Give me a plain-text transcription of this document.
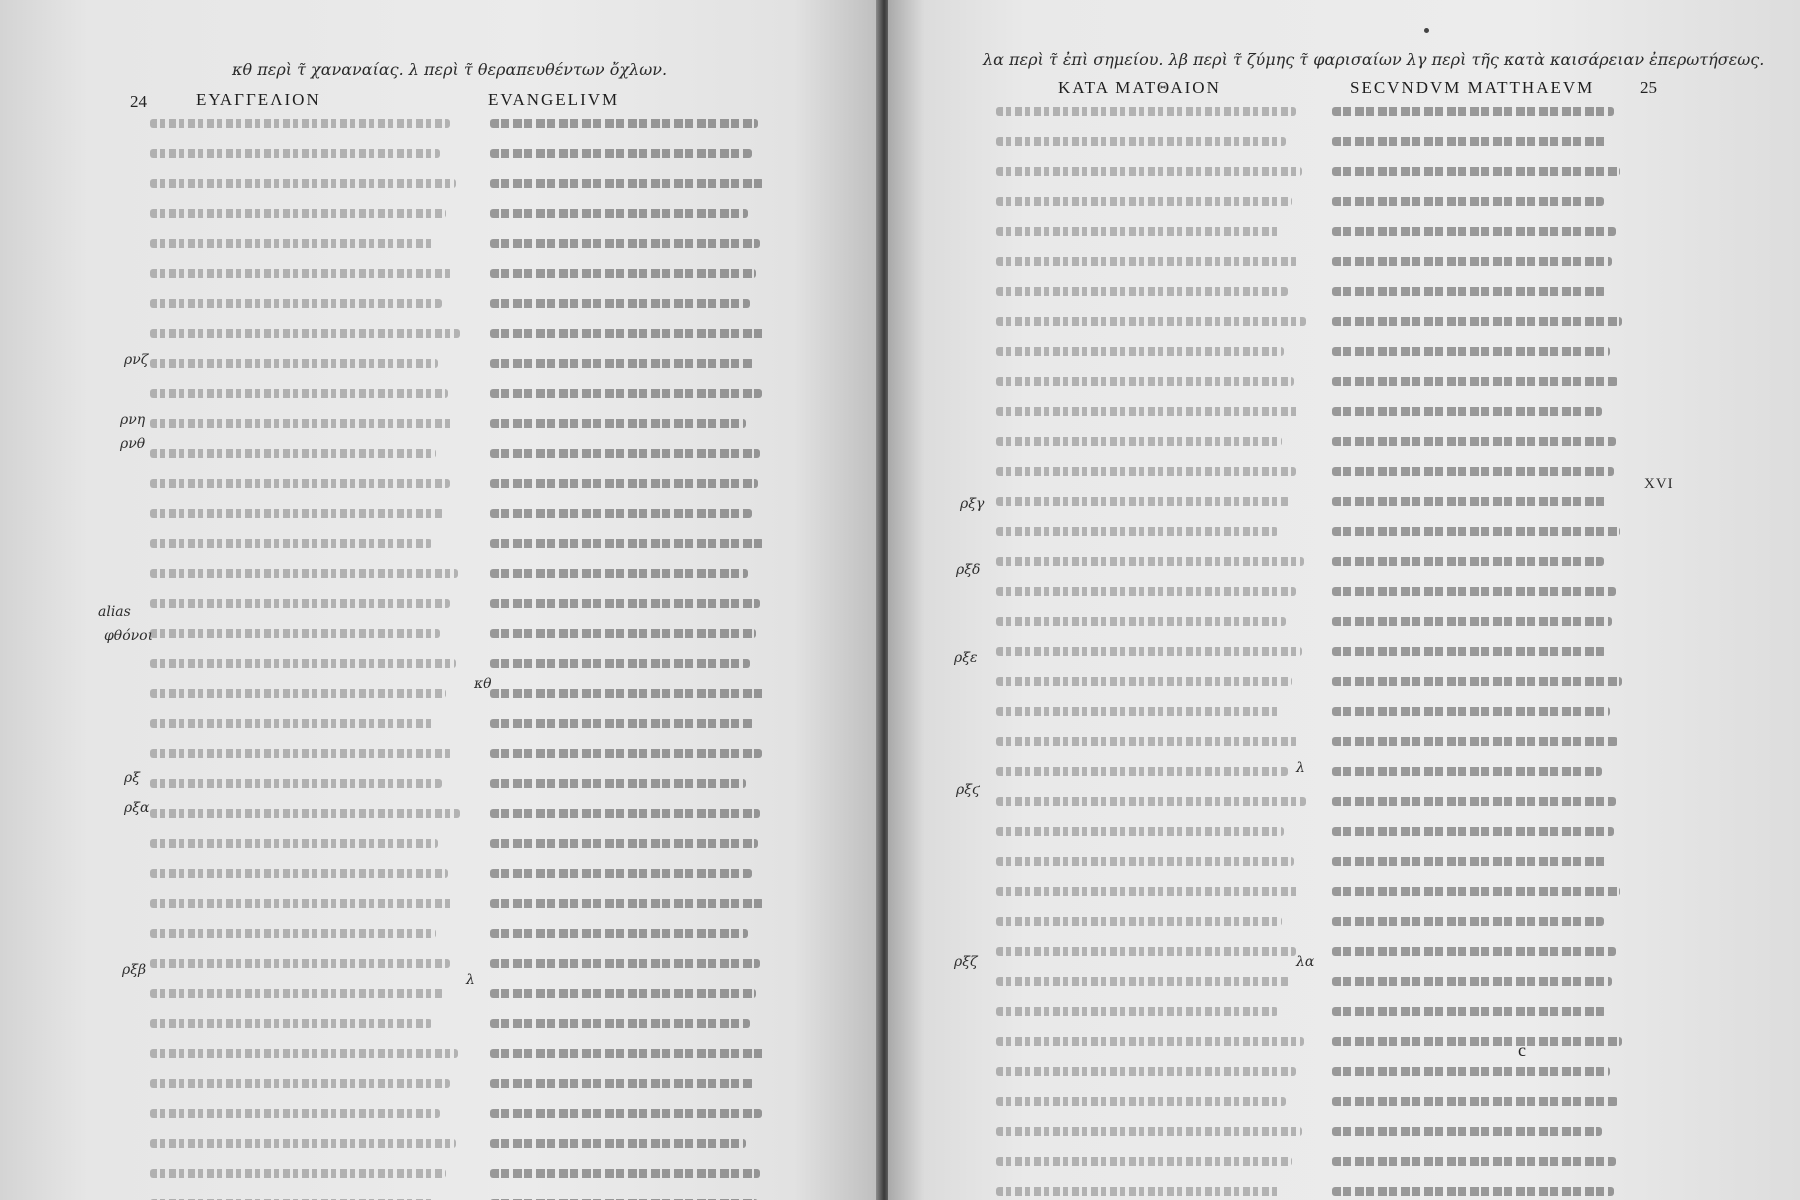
κθ περὶ τ̃ χαναναίας. λ περὶ τ̃ θεραπευθέντων ὄχλων.
24	ΕΥΑΓΓΕΛΙΟΝ	EVANGELIVM
ρνζ
ρνη
ρνθ
alias
φθόνοι
κθ
ρξ
ρξα
ρξβ
λ
λα περὶ τ̃ ἐπὶ σημείου. λβ περὶ τ̃ ζύμης τ̃ φαρισαίων λγ περὶ τῆς κατὰ καισάρειαν ἐπερωτήσεως.
ΚΑΤΑ ΜΑΤΘΑΙΟΝ	SECVNDVM MATTHAEVM	25
XVI
ρξγ
ρξδ
ρξε
ρξϛ
ρξζ
λ
λα
c
